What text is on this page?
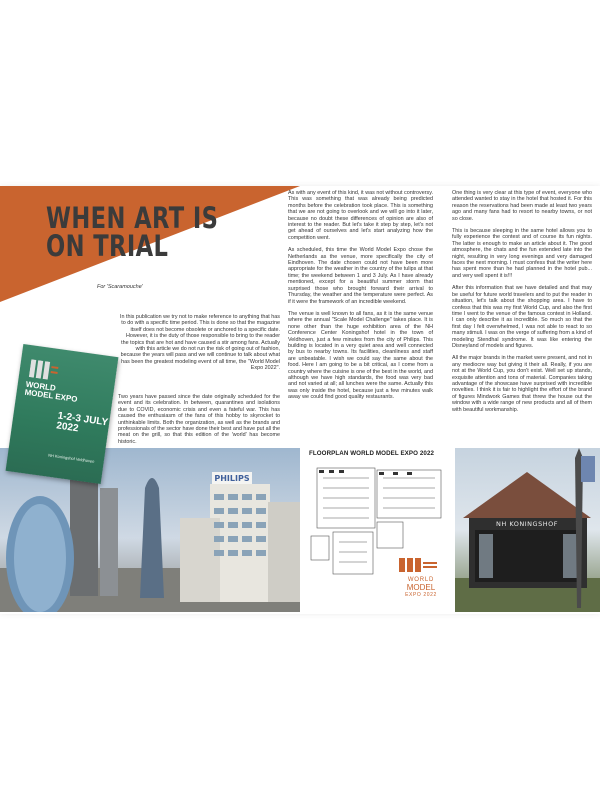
WHEN ART IS ON TRIAL
For 'Scaramouche'

In this publication we try not to make reference to anything that has to do with a specific time period. This is done so that the magazine itself does not become obsolete or anchored to a specific date. However, it is the duty of those responsible to bring to the reader the topics that are hot and have caused a stir among fans. Actually with this article we do not run the risk of going out of fashion, because the years will pass and we will continue to talk about what has been the greatest modeling event of all time, the "World Model Expo 2022".

Two years have passed since the date originally scheduled for the event and its celebration. In between, quarantines and isolations due to COVID, economic crisis and even a fateful war. This has caused the enthusiasm of the fans of this hobby to skyrocket to unthinkable limits. Both the organization, as well as the brands and professionals of the sector have done their best and have put all the meat on the grill, so that this edition of the 'world' has become historic.

As with any event of this kind, it was not without controversy. This was something that was already being predicted months before the celebration took place. This is something that we are not going to overlook and we will go into it later, because no doubt these differences of opinion are also of interest to the reader. But let's take it step by step, let's not get ahead of ourselves and let's start analyzing how the competition went.

As scheduled, this time the World Model Expo chose the Netherlands as the venue, more specifically the city of Eindhoven. The date chosen could not have been more appropriate for the weather in the country of the tulips at that time; the weekend between 1 and 3 July. As I have already mentioned, except for a beautiful summer storm that surprised those who brought forward their arrival to Thursday, the weather and the temperature were perfect. As if it were the framework of an incredible weekend.

The venue is well known to all fans, as it is the same venue where the annual "Scale Model Challenge" takes place. It is none other than the huge exhibition area of the NH Conference Center Koningshof hotel in the town of Veldhoven, just a few minutes from the city of Philips. This building is located in a very quiet area and well connected by bus to nearby towns. Its facilities, cleanliness and staff are unbeatable. I wish we could say the same about the food. Here I am going to be a bit critical, as I come from a country where the cuisine is one of the best in the world, and although we have high standards, the food was very bad and not varied at all; all lunches were the same. Actually this was only inside the hotel, because just a few minutes walk away we could find good quality restaurants.

One thing is very clear at this type of event, everyone who attended wanted to stay in the hotel that hosted it. For this reason the reservations had been made at least two years ago and many fans had to resort to nearby towns, or not so close.

This is because sleeping in the same hotel allows you to fully experience the contest and of course its fun nights. The latter is enough to make an article about it. The good atmosphere, the chats and the fun extended late into the night, resulting in very long evenings and very damaged faces the next morning. I must confess that the writer here has spent more than he had planned in the hotel pub... and very well spent it is!!!

After this information that we have detailed and that may be useful for future world travelers and to put the reader in situation, let's talk about the shopping area. I have to confess that this was my first World Cup, and also the first time I went to the venue of the famous contest in Holland. I can only describe it as incredible. So much so that the first day I felt overwhelmed, I was not able to react to so many stimuli. I was on the verge of suffering from a kind of modeling Stendhal syndrome. It was like entering the Disneyland of models and figures.

All the major brands in the market were present, and not in any mediocre way but giving it their all. Really, if you are not at the World Cup, you don't exist. Well set up stands, exquisite attention and tons of material. Companies taking advantage of the showcase have surprised with incredible novelties. I think it is fair to highlight the effort of the brand of figures Mindwork Games that threw the house out the window with a wide range of new products and all of them with beautiful workmanship.

PHILIPS
FLOORPLAN WORLD MODEL EXPO 2022
WORLD
MODEL
EXPO 2022
NH KONINGSHOF
WORLD MODEL EXPO
1-2-3 JULY 2022
NH Koningshof Veldhoven
